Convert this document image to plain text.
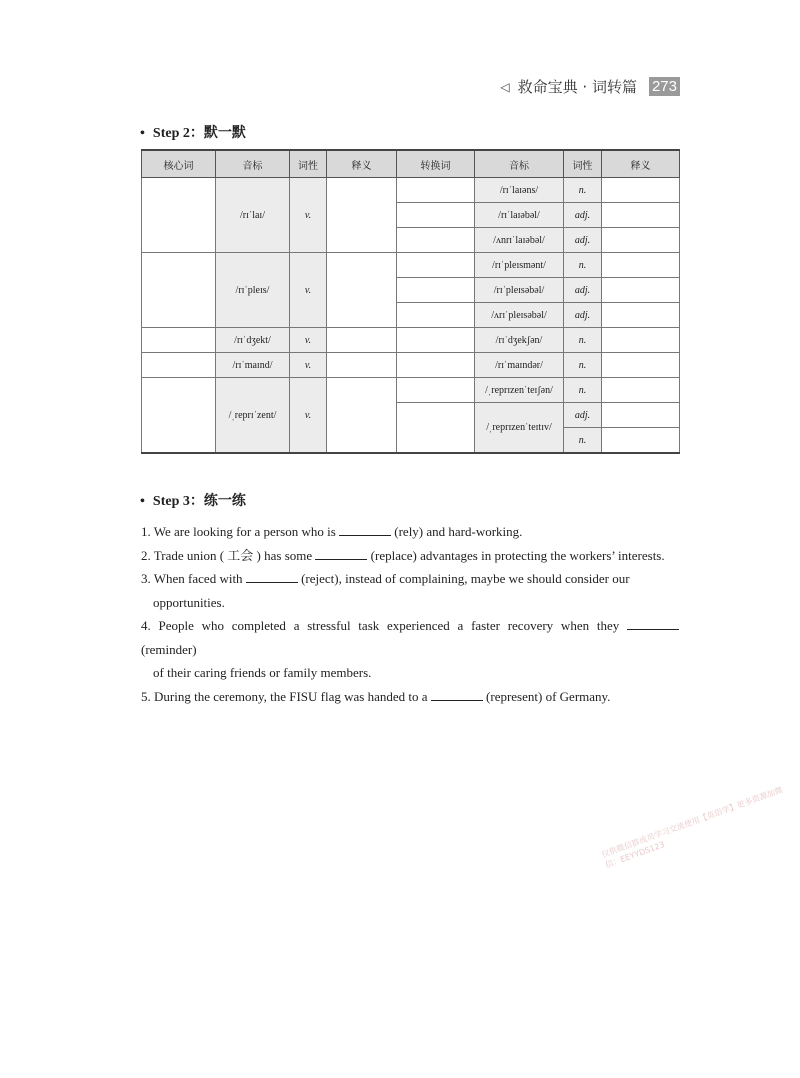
◁ 救命宝典 · 词转篇 273
• Step 2：默一默
核心词	音标	词性	释义	转换词	音标	词性	释义
	/rɪˈlaɪ/	v.			/rɪˈlaɪəns/	n.	
					/rɪˈlaɪəbəl/	adj.	
					/ʌnrɪˈlaɪəbəl/	adj.	
	/rɪˈpleɪs/	v.			/rɪˈpleɪsmənt/	n.	
					/rɪˈpleɪsəbəl/	adj.	
					/ʌrɪˈpleɪsəbəl/	adj.	
	/rɪˈdʒekt/	v.			/rɪˈdʒekʃən/	n.	
	/rɪˈmaɪnd/	v.			/rɪˈmaɪndər/	n.	
	/ˌreprɪˈzent/	v.			/ˌreprɪzenˈteɪʃən/	n.	
					/ˌreprɪzenˈteɪtɪv/	adj.	
						n.	
• Step 3：练一练

1. We are looking for a person who is	(rely) and hard-working.

2. Trade union ( 工会 ) has some	(replace) advantages in protecting the workers’ interests.

3. When faced with	(reject), instead of complaining, maybe we should consider our

opportunities.

4. People who completed a stressful task experienced a faster recovery when they  (reminder)

of their caring friends or family members.

5. During the ceremony, the FISU flag was handed to a	(represent) of Germany.

仅供微信群成员学习交流使用【英语学】更多资源加微信：EEYYDS123
